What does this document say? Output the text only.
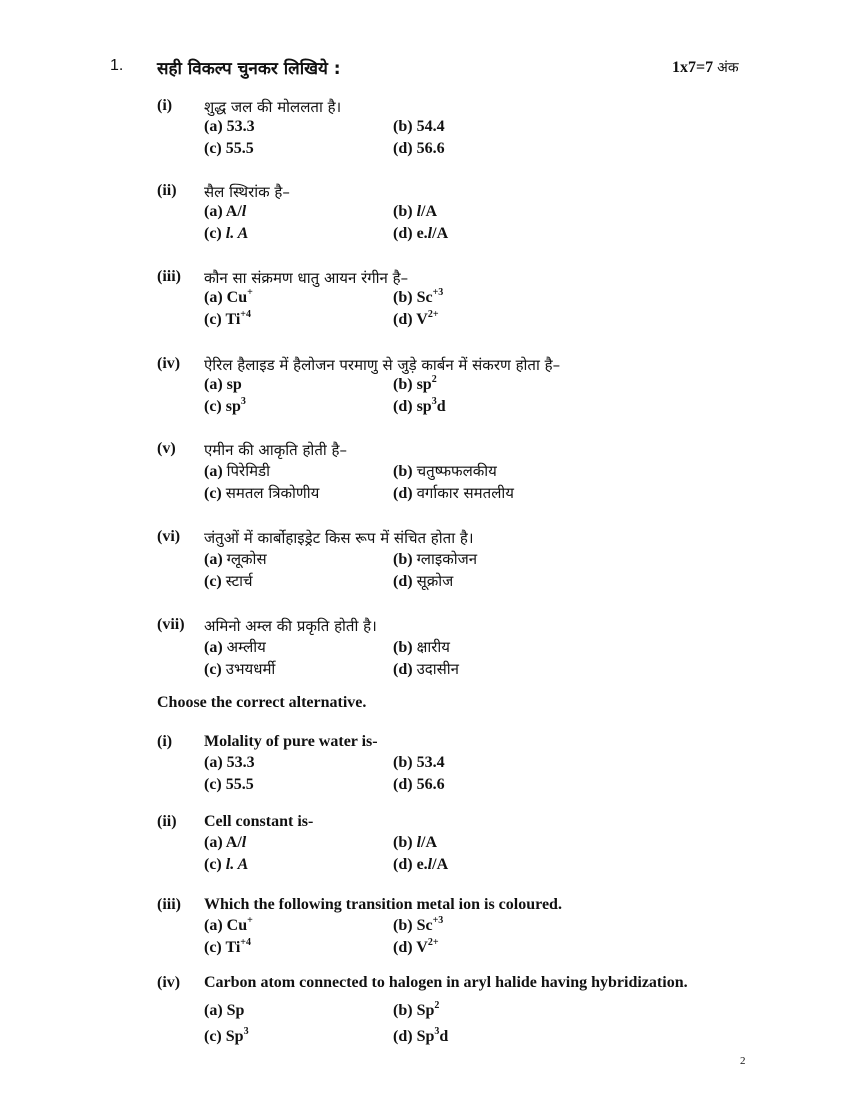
1. सही विकल्प चुनकर लिखिये :	1x7=7 अंक
(i) शुद्ध जल की मोललता है।
(a) 53.3	(b) 54.4
(c) 55.5	(d) 56.6
(ii) सैल स्थिरांक है–
(a) A/l	(b) l/A
(c) l. A	(d) e.l/A
(iii) कौन सा संक्रमण धातु आयन रंगीन है–
(a) Cu+	(b) $Sc^{+3}$
(c) $Ti^{+4}$	(d) $V^{2+}$
(iv) ऐरिल हैलाइड में हैलोजन परमाणु से जुड़े कार्बन में संकरण होता है–
(a) sp	(b) $sp^2$
(c) $sp^3$	(d) $sp^3d$
(v) एमीन की आकृति होती है–
(a) पिरेमिडी	(b) चतुष्फफलकीय
(c) समतल त्रिकोणीय	(d) वर्गाकार समतलीय
(vi) जंतुओं में कार्बोहाइड्रेट किस रूप में संचित होता है।
(a) ग्लूकोस	(b) ग्लाइकोजन
(c) स्टार्च	(d) सूक्रोज
(vii) अमिनो अम्ल की प्रकृति होती है।
(a) अम्लीय	(b) क्षारीय
(c) उभयधर्मी	(d) उदासीन
Choose the correct alternative.
(i) Molality of pure water is-
(a) 53.3	(b) 53.4
(c) 55.5	(d) 56.6
(ii) Cell constant is-
(a) A/l	(b) l/A
(c) l. A	(d) e.l/A
(iii) Which the following transition metal ion is coloured.
(a) Cu+	(b) $Sc^{+3}$
(c) $Ti^{+4}$	(d) $V^{2+}$
(iv) Carbon atom connected to halogen in aryl halide having hybridization.
(a) Sp	(b) Sp$^2$
(c) Sp$^3$	(d) Sp$^3$d
2
